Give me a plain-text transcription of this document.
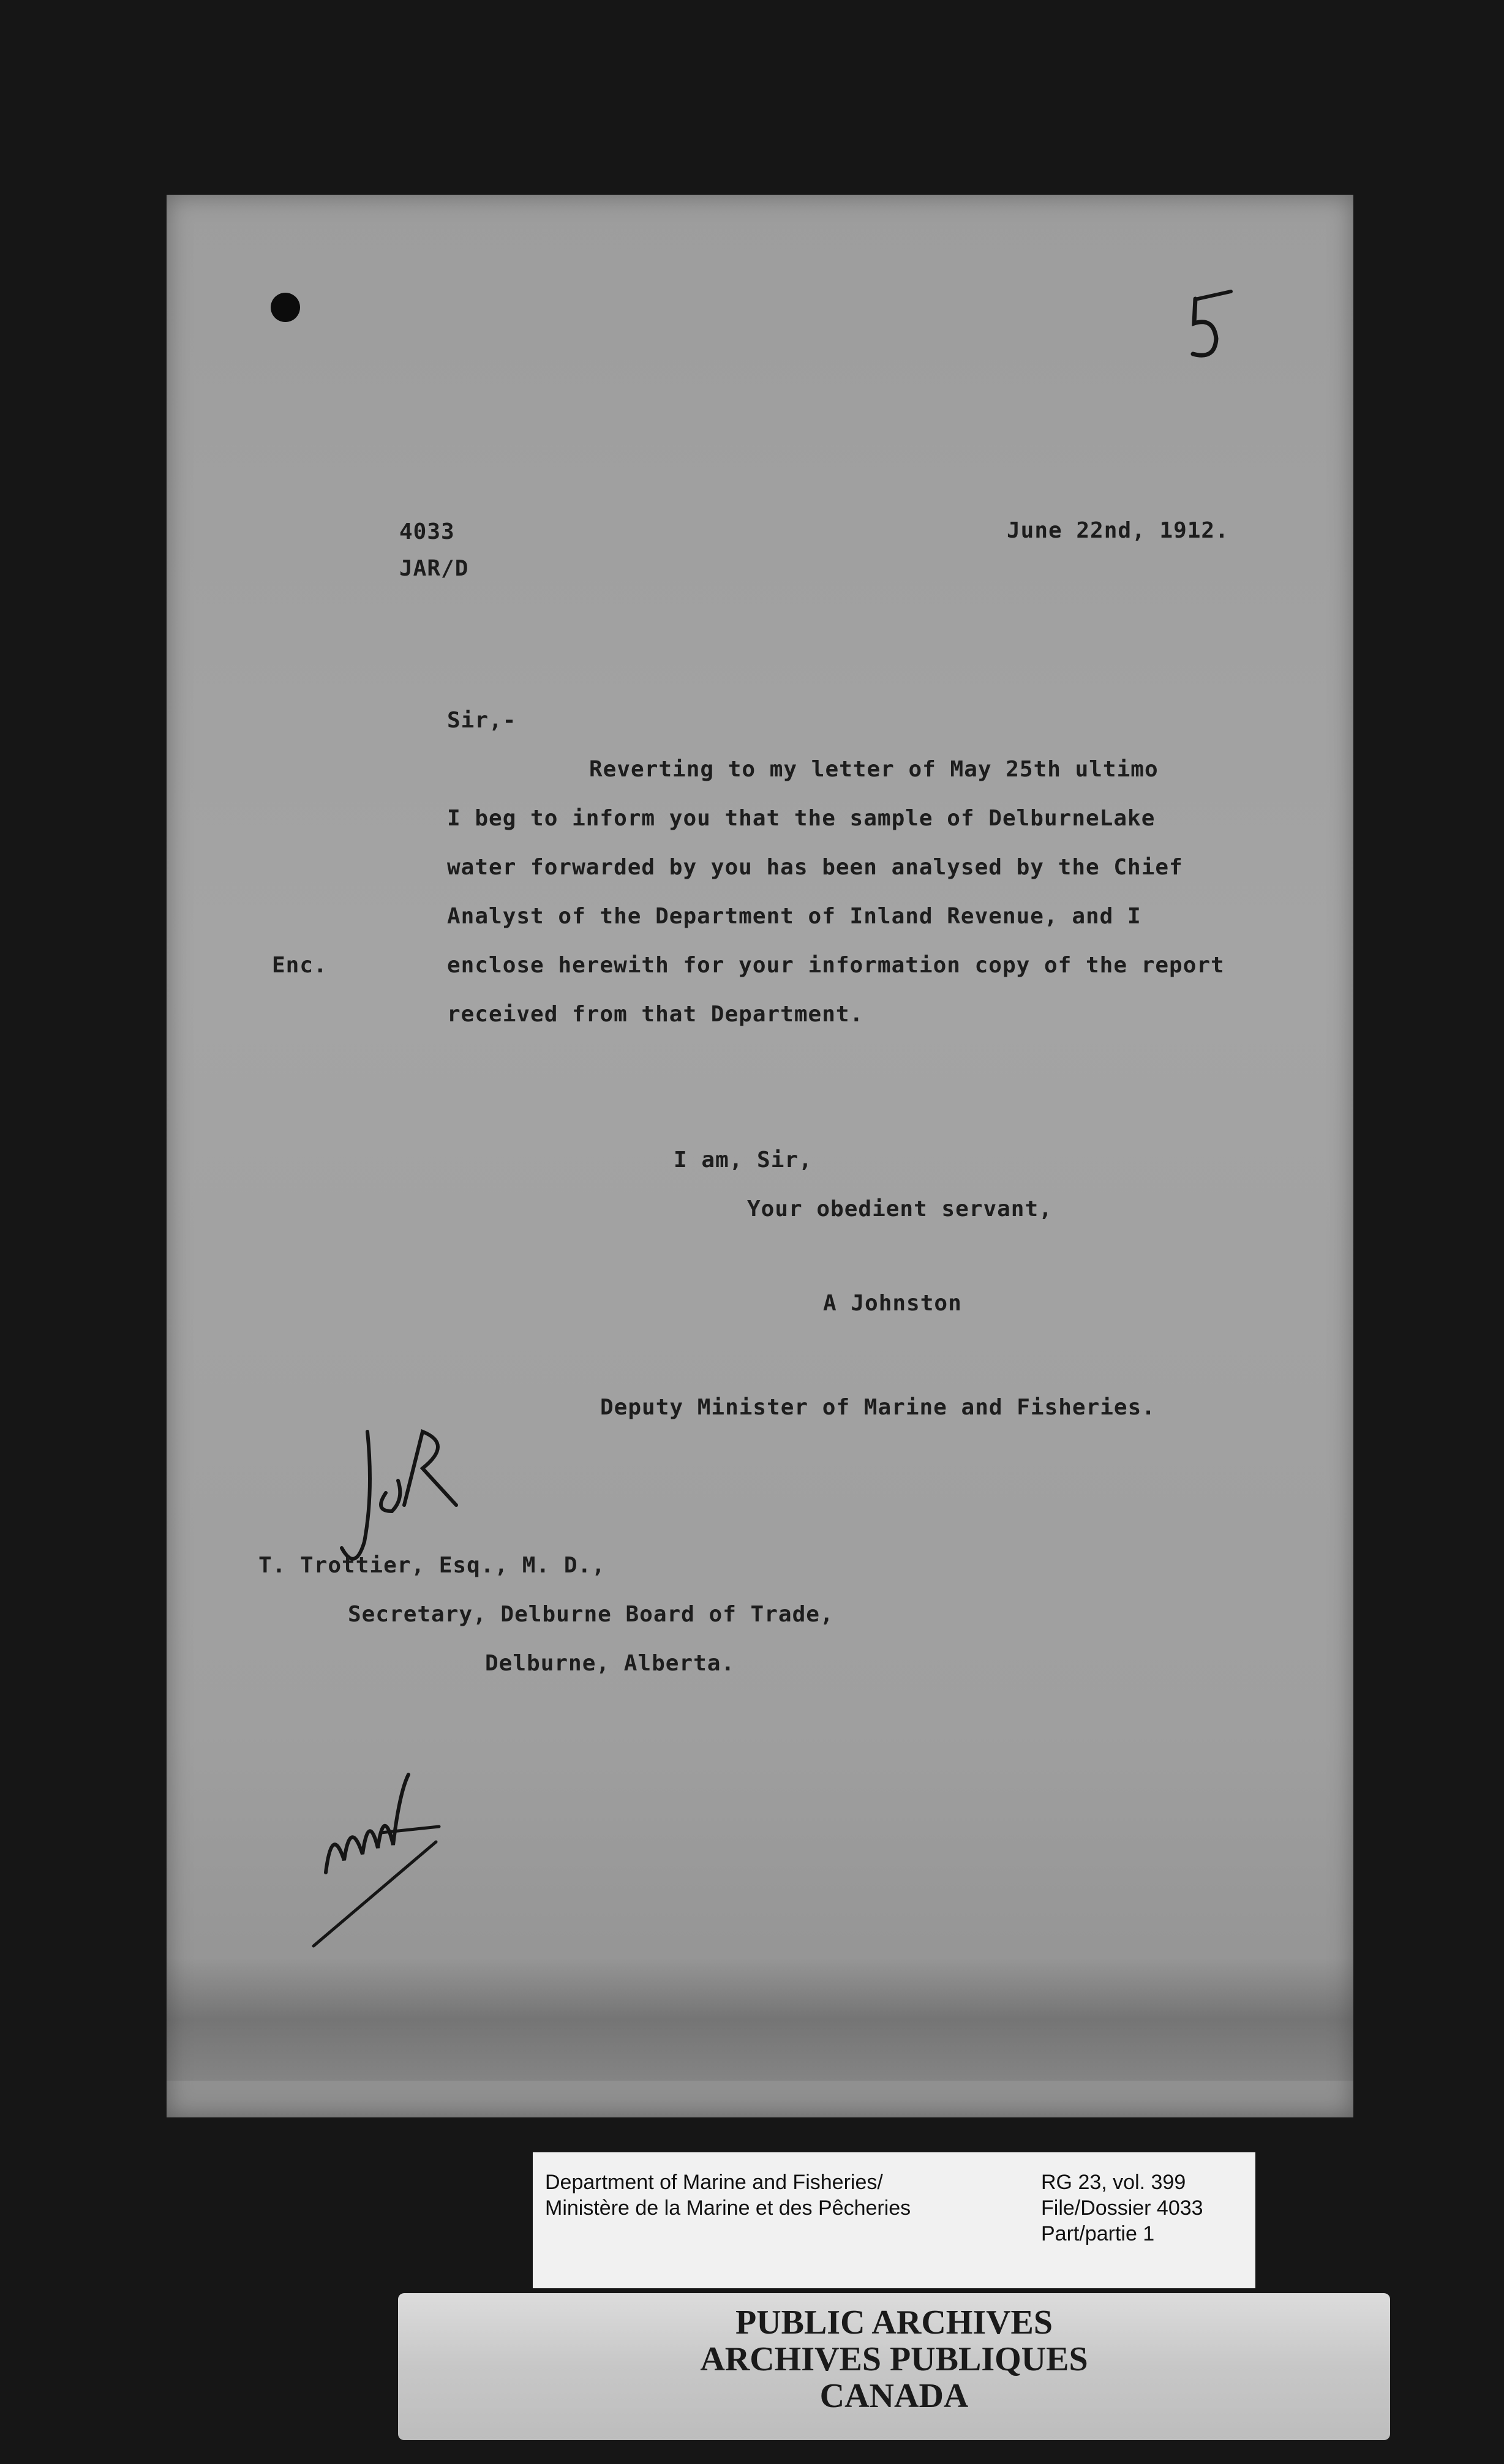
4033
JAR/D
June 22nd, 1912.
Sir,-
Reverting to my letter of May 25th ultimo
I beg to inform you that the sample of DelburneLake
water forwarded by you has been analysed by the Chief
Analyst of the Department of Inland Revenue, and I
enclose herewith for your information copy of the report
received from that Department.
Enc.
I am, Sir,
Your obedient servant,
A Johnston
Deputy Minister of Marine and Fisheries.
T. Trottier, Esq., M. D.,
Secretary, Delburne Board of Trade,
Delburne, Alberta.
Department of Marine and Fisheries/
Ministère de la Marine et des Pêcheries
RG 23, vol. 399
File/Dossier 4033
Part/partie 1
PUBLIC ARCHIVES
ARCHIVES PUBLIQUES
CANADA
